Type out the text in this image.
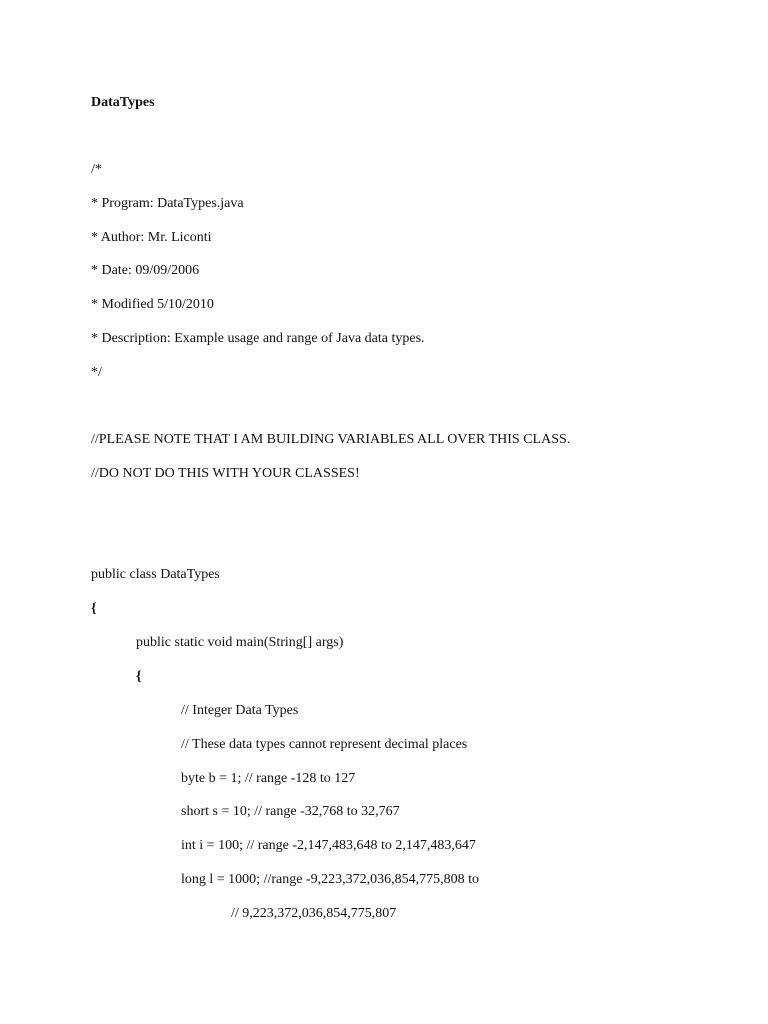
DataTypes
/*
* Program: DataTypes.java
* Author: Mr. Liconti
* Date: 09/09/2006
* Modified 5/10/2010
* Description: Example usage and range of Java data types.
*/
//PLEASE NOTE THAT I AM BUILDING VARIABLES ALL OVER THIS CLASS.
//DO NOT DO THIS WITH YOUR CLASSES!
public class DataTypes
{
public static void main(String[] args)
{
// Integer Data Types
// These data types cannot represent decimal places
byte b = 1; // range -128 to 127
short s = 10; // range -32,768 to 32,767
int i = 100; // range -2,147,483,648 to 2,147,483,647
long l = 1000; //range -9,223,372,036,854,775,808 to
// 9,223,372,036,854,775,807
